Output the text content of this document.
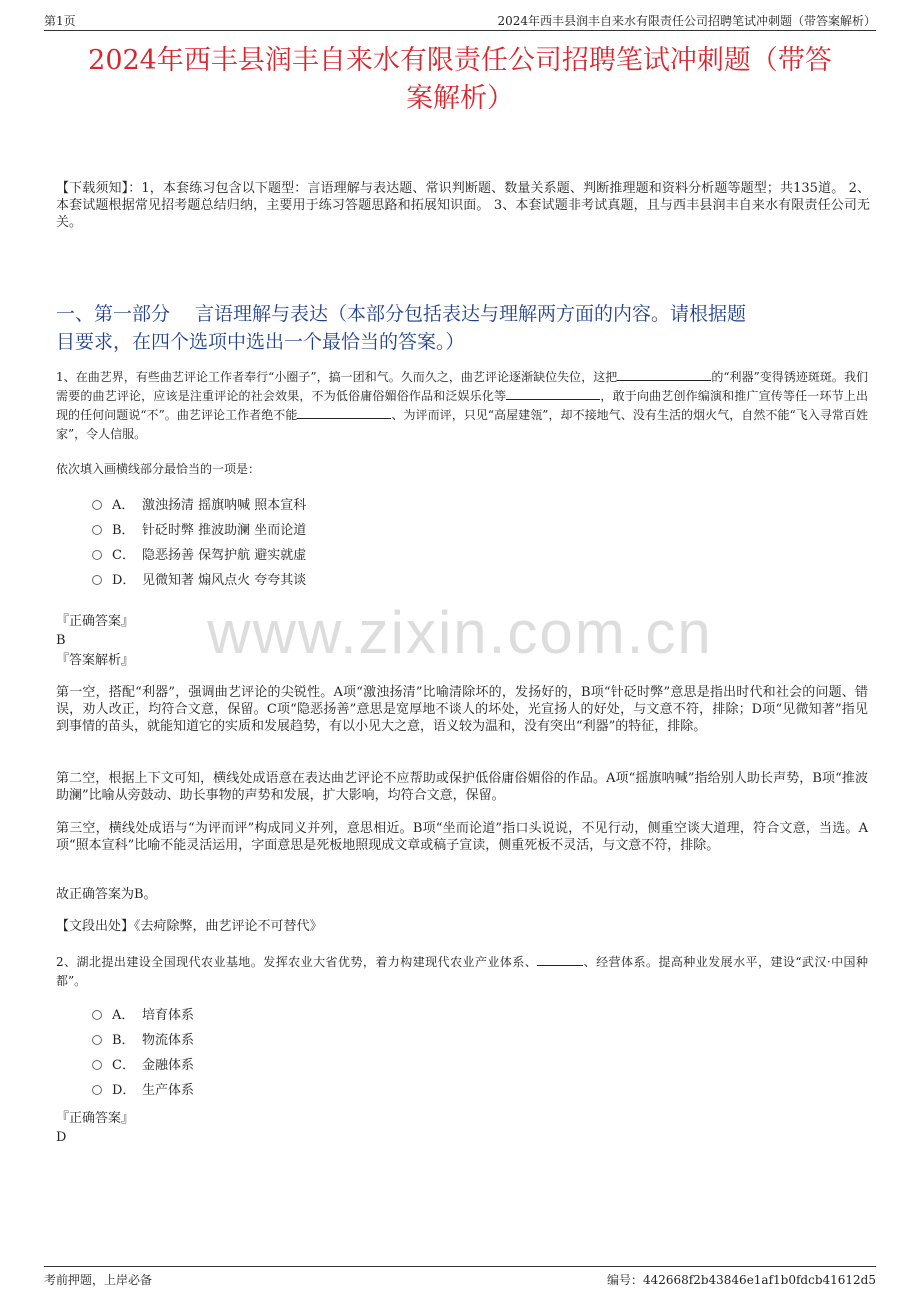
第1页	2024年西丰县润丰自来水有限责任公司招聘笔试冲刺题（带答案解析）
2024年西丰县润丰自来水有限责任公司招聘笔试冲刺题（带答
案解析）
【下载须知】：1，本套练习包含以下题型：言语理解与表达题、常识判断题、数量关系题、判断推理题和资料分析题等题型；共135道。 2、本套试题根据常见招考题总结归纳，主要用于练习答题思路和拓展知识面。 3、本套试题非考试真题，且与西丰县润丰自来水有限责任公司无关。
一、第一部分　 言语理解与表达（本部分包括表达与理解两方面的内容。请根据题
目要求，在四个选项中选出一个最恰当的答案。）
1、在曲艺界，有些曲艺评论工作者奉行“小圈子”，搞一团和气。久而久之，曲艺评论逐渐缺位失位，这把	的“利器”变得锈迹斑斑。我们需要的曲艺评论，应该是注重评论的社会效果，不为低俗庸俗媚俗作品和泛娱乐化等	，敢于向曲艺创作编演和推广宣传等任一环节上出现的任何问题说“不”。曲艺评论工作者绝不能	、为评而评，只见“高屋建瓴”，却不接地气、没有生活的烟火气，自然不能“飞入寻常百姓家”，令人信服。
依次填入画横线部分最恰当的一项是：
A． 激浊扬清 摇旗呐喊 照本宣科
B． 针砭时弊 推波助澜 坐而论道
C． 隐恶扬善 保驾护航 避实就虚
D． 见微知著 煽风点火 夸夸其谈
『正确答案』
B
『答案解析』	www.zixin.com.cn
第一空，搭配“利器”，强调曲艺评论的尖锐性。A项“激浊扬清”比喻清除坏的，发扬好的，B项“针砭时弊”意思是指出时代和社会的问题、错误，劝人改正，均符合文意，保留。C项“隐恶扬善”意思是宽厚地不谈人的坏处，光宣扬人的好处，与文意不符，排除；D项“见微知著”指见到事情的苗头，就能知道它的实质和发展趋势，有以小见大之意，语义较为温和，没有突出“利器”的特征，排除。
第二空，根据上下文可知，横线处成语意在表达曲艺评论不应帮助或保护低俗庸俗媚俗的作品。A项“摇旗呐喊”指给别人助长声势，B项“推波助澜”比喻从旁鼓动、助长事物的声势和发展，扩大影响，均符合文意，保留。
第三空，横线处成语与“为评而评”构成同义并列，意思相近。B项“坐而论道”指口头说说，不见行动，侧重空谈大道理，符合文意，当选。A项“照本宣科”比喻不能灵活运用，字面意思是死板地照现成文章或稿子宣读，侧重死板不灵活，与文意不符，排除。
故正确答案为B。
【文段出处】《去疴除弊，曲艺评论不可替代》
2、湖北提出建设全国现代农业基地。发挥农业大省优势，着力构建现代农业产业体系、	、经营体系。提高种业发展水平，建设“武汉·中国种都”。
A． 培育体系
B． 物流体系
C． 金融体系
D． 生产体系
『正确答案』
D
考前押题，上岸必备	编号：442668f2b43846e1af1b0fdcb41612d5
